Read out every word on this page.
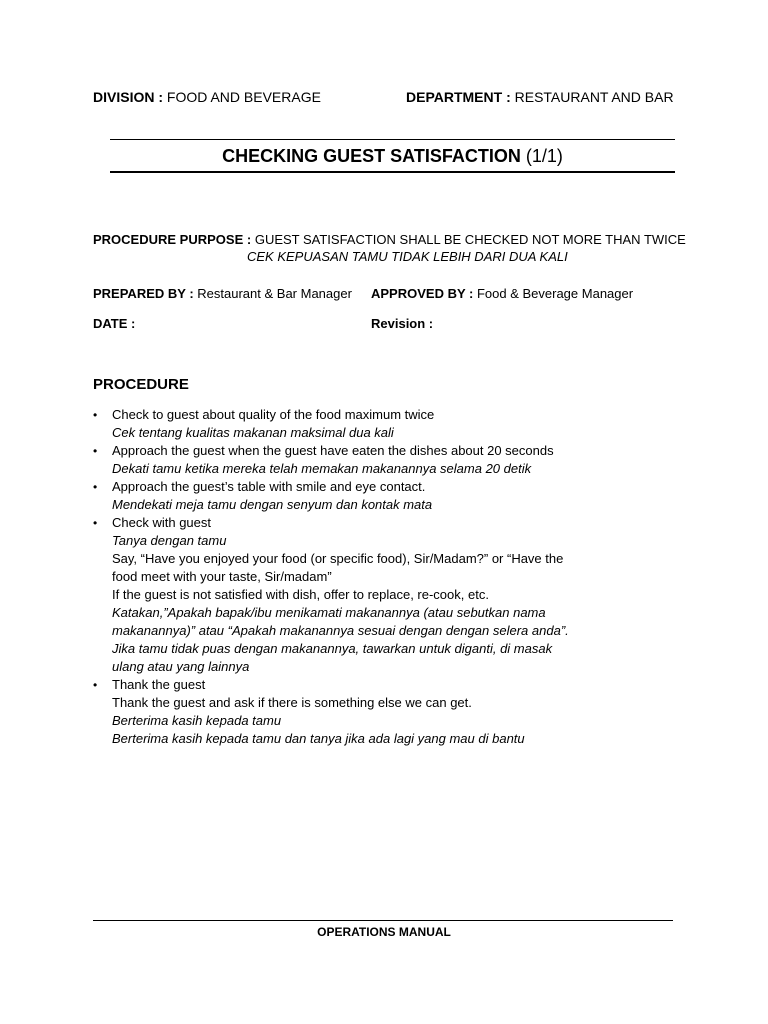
DIVISION : FOOD AND BEVERAGE	DEPARTMENT : RESTAURANT AND BAR
CHECKING GUEST SATISFACTION (1/1)
PROCEDURE PURPOSE : GUEST SATISFACTION SHALL BE CHECKED NOT MORE THAN TWICE
CEK KEPUASAN TAMU TIDAK LEBIH DARI DUA KALI
PREPARED BY : Restaurant & Bar Manager APPROVED BY : Food & Beverage Manager
DATE :	Revision :
PROCEDURE
•	Check to guest about quality of the food maximum twice
Cek tentang kualitas makanan maksimal dua kali
•	Approach the guest when the guest have eaten the dishes about 20 seconds
Dekati tamu ketika mereka telah memakan makanannya selama 20 detik
•	Approach the guest’s table with smile and eye contact.
Mendekati meja tamu dengan senyum dan kontak mata
•	Check with guest
Tanya dengan tamu
Say, “Have you enjoyed your food (or specific food), Sir/Madam?” or “Have the
food meet with your taste, Sir/madam”
If the guest is not satisfied with dish, offer to replace, re-cook, etc.
Katakan,”Apakah bapak/ibu menikamati makanannya (atau sebutkan nama
makanannya)” atau “Apakah makanannya sesuai dengan dengan selera anda”.
Jika tamu tidak puas dengan makanannya, tawarkan untuk diganti, di masak
ulang atau yang lainnya
•	Thank the guest
Thank the guest and ask if there is something else we can get.
Berterima kasih kepada tamu
Berterima kasih kepada tamu dan tanya jika ada lagi yang mau di bantu
OPERATIONS MANUAL
